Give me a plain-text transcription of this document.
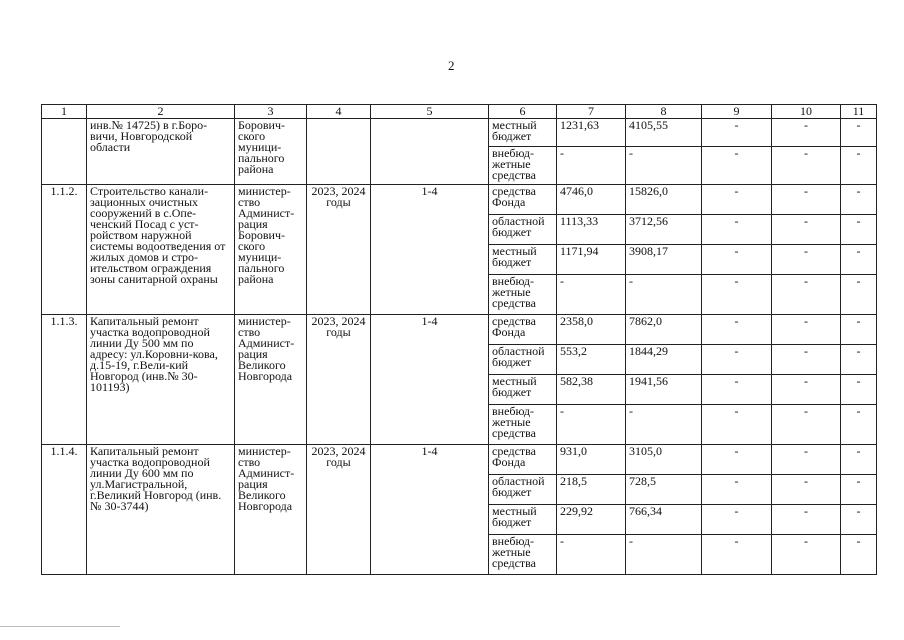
2
1	2	3	4	5	6	7	8	9	10	11
	инв.№ 14725) в г.Боро-вичи, Новгородской области	Борович-ского муници-пального района			местный бюджет	1231,63	4105,55	-	-	-
					внебюд-жетные средства	-	-	-	-	-
1.1.2.	Строительство канали-зационных очистных сооружений в с.Опе-ченский Посад с уст-ройством наружной системы водоотведения от жилых домов и стро-ительством ограждения зоны санитарной охраны	министер-ство Админист-рация Борович-ского муници-пального района	2023, 2024 годы	1-4	средства Фонда	4746,0	15826,0	-	-	-
					областной бюджет	1113,33	3712,56	-	-	-
					местный бюджет	1171,94	3908,17	-	-	-
					внебюд-жетные средства	-	-	-	-	-
1.1.3.	Капитальный ремонт участка водопроводной линии Ду 500 мм по адресу: ул.Коровни-кова, д.15-19, г.Вели-кий Новгород (инв.№ 30-101193)	министер-ство Админист-рация Великого Новгорода	2023, 2024 годы	1-4	средства Фонда	2358,0	7862,0	-	-	-
					областной бюджет	553,2	1844,29	-	-	-
					местный бюджет	582,38	1941,56	-	-	-
					внебюд-жетные средства	-	-	-	-	-
1.1.4.	Капитальный ремонт участка водопроводной линии Ду 600 мм по ул.Магистральной, г.Великий Новгород (инв.№ 30-3744)	министер-ство Админист-рация Великого Новгорода	2023, 2024 годы	1-4	средства Фонда	931,0	3105,0	-	-	-
					областной бюджет	218,5	728,5	-	-	-
					местный бюджет	229,92	766,34	-	-	-
					внебюд-жетные средства	-	-	-	-	-
